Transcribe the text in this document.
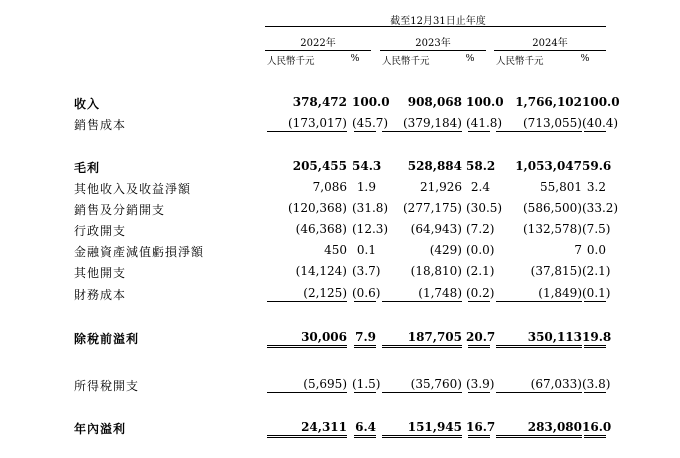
截至12月31日止年度
2022年	2023年	2024年
人民幣千元	%	人民幣千元	%	人民幣千元	%
收入	378,472 100.0	908,068 100.0 1,766,102 100.0
銷售成本	(173,017) (45.7)	(379,184) (41.8)	(713,055) (40.4)
毛利	205,455 54.3	528,884 58.2	1,053,047 59.6
其他收入及收益淨額	7,086 1.9	21,926 2.4	55,801 3.2
銷售及分銷開支	(120,368) (31.8)	(277,175) (30.5)	(586,500) (33.2)
行政開支	(46,368) (12.3)	(64,943) (7.2)	(132,578) (7.5)
金融資產減值虧損淨額	450 0.1	(429) (0.0)	7 0.0
其他開支	(14,124) (3.7)	(18,810) (2.1)	(37,815) (2.1)
財務成本	(2,125) (0.6)	(1,748) (0.2)	(1,849) (0.1)
除稅前溢利	30,006 7.9	187,705 20.7	350,113 19.8
所得稅開支	(5,695) (1.5)	(35,760) (3.9)	(67,033) (3.8)
年內溢利	24,311 6.4	151,945 16.7	283,080 16.0
